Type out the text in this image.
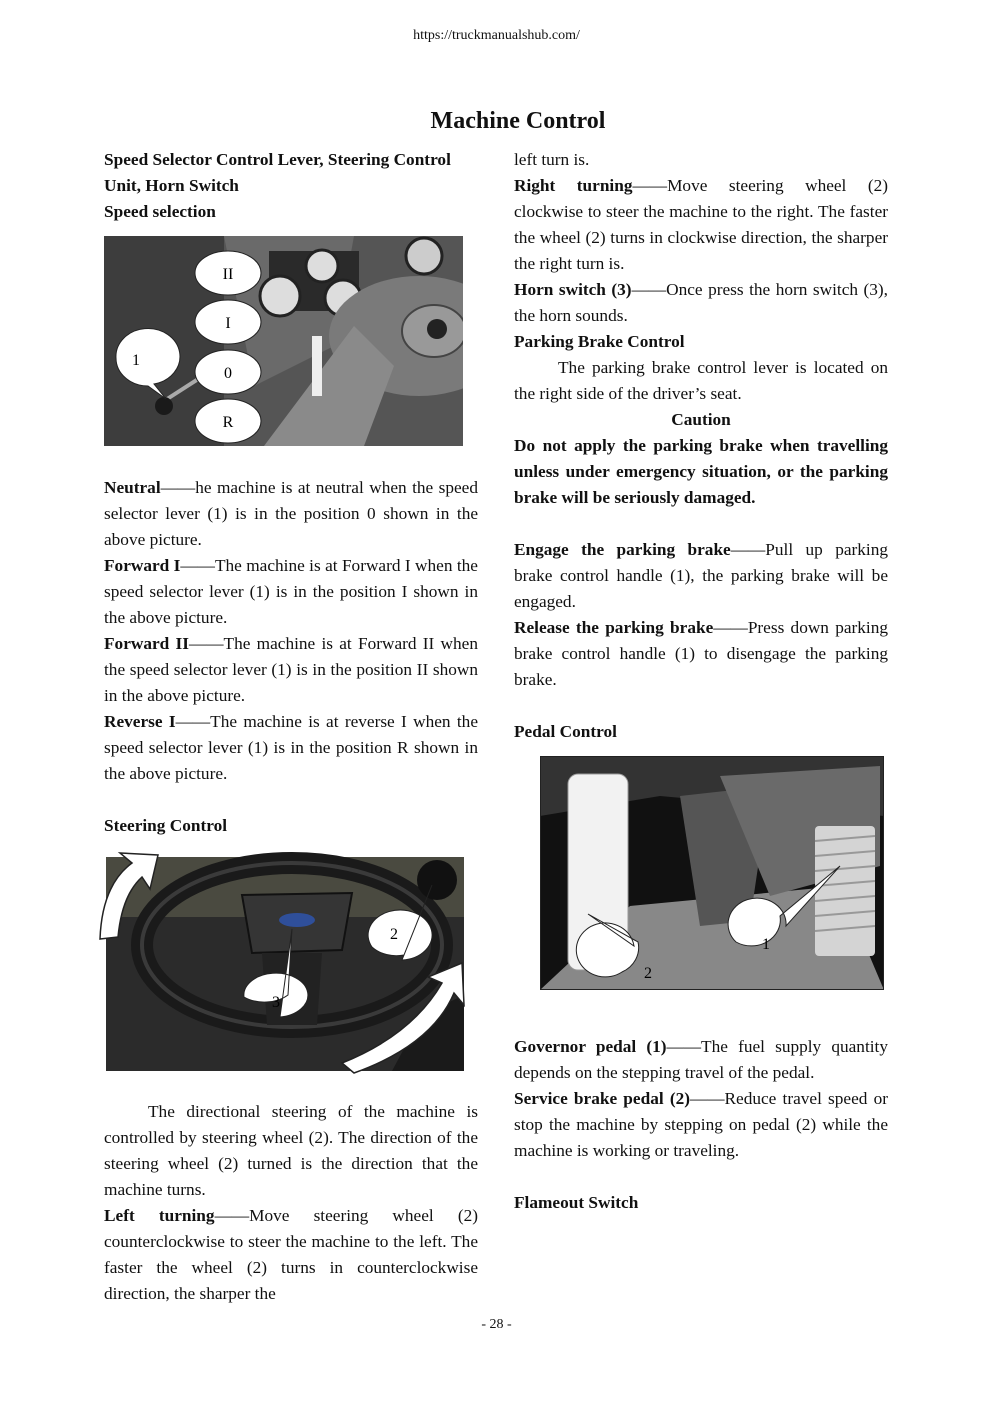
https://truckmanualshub.com/
Machine Control
Speed Selector Control Lever, Steering Control Unit, Horn Switch
Speed selection
II
I
0
R
1

Neutral——he machine is at neutral when the speed selector lever (1) is in the position 0 shown in the above picture.

Forward I——The machine is at Forward I when the speed selector lever (1) is in the position I shown in the above picture.

Forward II——The machine is at Forward II when the speed selector lever (1) is in the position II shown in the above picture.

Reverse I——The machine is at reverse I when the speed selector lever (1) is in the position R shown in the above picture.

Steering Control
2
3

The directional steering of the machine is controlled by steering wheel (2). The direction of the steering wheel (2) turned is the direction that the machine turns.

Left turning——Move steering wheel (2) counterclockwise to steer the machine to the left. The faster the wheel (2) turns in counterclockwise direction, the sharper the

left turn is.

Right turning——Move steering wheel (2) clockwise to steer the machine to the right. The faster the wheel (2) turns in clockwise direction, the sharper the right turn is.

Horn switch (3)——Once press the horn switch (3), the horn sounds.

Parking Brake Control

The parking brake control lever is located on the right side of the driver’s seat.

Caution

Do not apply the parking brake when travelling unless under emergency situation, or the parking brake will be seriously damaged.

Engage the parking brake——Pull up parking brake control handle (1), the parking brake will be engaged.

Release the parking brake——Press down parking brake control handle (1) to disengage the parking brake.

Pedal Control
1
2

Governor pedal (1)——The fuel supply quantity depends on the stepping travel of the pedal.

Service brake pedal (2)——Reduce travel speed or stop the machine by stepping on pedal (2) while the machine is working or traveling.

Flameout Switch
- 28 -
